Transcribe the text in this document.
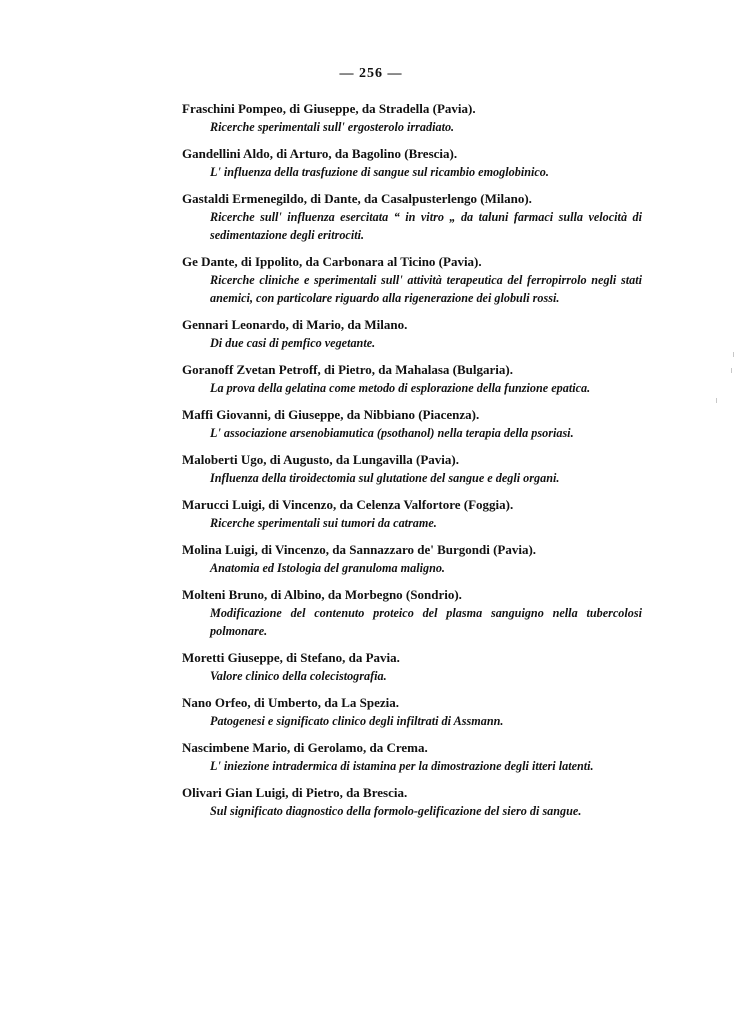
— 256 —
Fraschini Pompeo, di Giuseppe, da Stradella (Pavia).
Ricerche sperimentali sull' ergosterolo irradiato.
Gandellini Aldo, di Arturo, da Bagolino (Brescia).
L' influenza della trasfuzione di sangue sul ricambio emoglobinico.
Gastaldi Ermenegildo, di Dante, da Casalpusterlengo (Milano).
Ricerche sull' influenza esercitata “ in vitro „ da taluni farmaci sulla velocità di sedimentazione degli eritrociti.
Ge Dante, di Ippolito, da Carbonara al Ticino (Pavia).
Ricerche cliniche e sperimentali sull' attività terapeutica del ferropirrolo negli stati anemici, con particolare riguardo alla rigenerazione dei globuli rossi.
Gennari Leonardo, di Mario, da Milano.
Di due casi di pemfico vegetante.
Goranoff Zvetan Petroff, di Pietro, da Mahalasa (Bulgaria).
La prova della gelatina come metodo di esplorazione della funzione epatica.
Maffi Giovanni, di Giuseppe, da Nibbiano (Piacenza).
L' associazione arsenobiamutica (psothanol) nella terapia della psoriasi.
Maloberti Ugo, di Augusto, da Lungavilla (Pavia).
Influenza della tiroidectomia sul glutatione del sangue e degli organi.
Marucci Luigi, di Vincenzo, da Celenza Valfortore (Foggia).
Ricerche sperimentali sui tumori da catrame.
Molina Luigi, di Vincenzo, da Sannazzaro de' Burgondi (Pavia).
Anatomia ed Istologia del granuloma maligno.
Molteni Bruno, di Albino, da Morbegno (Sondrio).
Modificazione del contenuto proteico del plasma sanguigno nella tubercolosi polmonare.
Moretti Giuseppe, di Stefano, da Pavia.
Valore clinico della colecistografia.
Nano Orfeo, di Umberto, da La Spezia.
Patogenesi e significato clinico degli infiltrati di Assmann.
Nascimbene Mario, di Gerolamo, da Crema.
L' iniezione intradermica di istamina per la dimostrazione degli itteri latenti.
Olivari Gian Luigi, di Pietro, da Brescia.
Sul significato diagnostico della formolo-gelificazione del siero di sangue.
